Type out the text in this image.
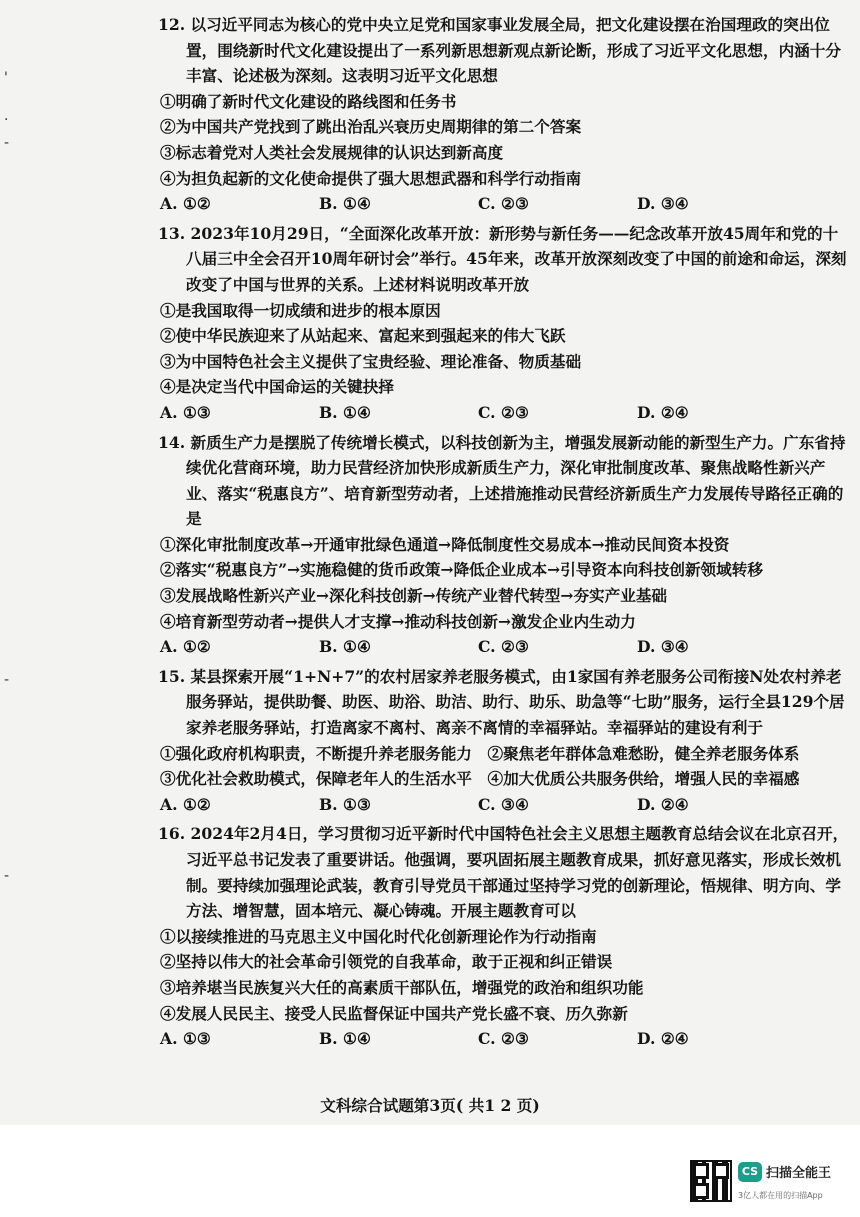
'
·
-
-
-

12. 以习近平同志为核心的党中央立足党和国家事业发展全局，把文化建设摆在治国理政的突出位置，围绕新时代文化建设提出了一系列新思想新观点新论断，形成了习近平文化思想，内涵十分丰富、论述极为深刻。这表明习近平文化思想

①明确了新时代文化建设的路线图和任务书

②为中国共产党找到了跳出治乱兴衰历史周期律的第二个答案

③标志着党对人类社会发展规律的认识达到新高度

④为担负起新的文化使命提供了强大思想武器和科学行动指南

A. ①②	B. ①④	C. ②③	D. ③④

13. 2023年10月29日，“全面深化改革开放：新形势与新任务——纪念改革开放45周年和党的十八届三中全会召开10周年研讨会”举行。45年来，改革开放深刻改变了中国的前途和命运，深刻改变了中国与世界的关系。上述材料说明改革开放

①是我国取得一切成绩和进步的根本原因

②使中华民族迎来了从站起来、富起来到强起来的伟大飞跃

③为中国特色社会主义提供了宝贵经验、理论准备、物质基础

④是决定当代中国命运的关键抉择

A. ①③	B. ①④	C. ②③	D. ②④

14. 新质生产力是摆脱了传统增长模式，以科技创新为主，增强发展新动能的新型生产力。广东省持续优化营商环境，助力民营经济加快形成新质生产力，深化审批制度改革、聚焦战略性新兴产业、落实“税惠良方”、培育新型劳动者，上述措施推动民营经济新质生产力发展传导路径正确的是

①深化审批制度改革→开通审批绿色通道→降低制度性交易成本→推动民间资本投资

②落实“税惠良方”→实施稳健的货币政策→降低企业成本→引导资本向科技创新领域转移

③发展战略性新兴产业→深化科技创新→传统产业替代转型→夯实产业基础

④培育新型劳动者→提供人才支撑→推动科技创新→激发企业内生动力

A. ①②	B. ①④	C. ②③	D. ③④

15. 某县探索开展“1+N+7”的农村居家养老服务模式，由1家国有养老服务公司衔接N处农村养老服务驿站，提供助餐、助医、助浴、助洁、助行、助乐、助急等“七助”服务，运行全县129个居家养老服务驿站，打造离家不离村、离亲不离情的幸福驿站。幸福驿站的建设有利于

①强化政府机构职责，不断提升养老服务能力　②聚焦老年群体急难愁盼，健全养老服务体系

③优化社会救助模式，保障老年人的生活水平　④加大优质公共服务供给，增强人民的幸福感

A. ①②	B. ①③	C. ③④	D. ②④

16. 2024年2月4日，学习贯彻习近平新时代中国特色社会主义思想主题教育总结会议在北京召开，习近平总书记发表了重要讲话。他强调，要巩固拓展主题教育成果，抓好意见落实，形成长效机制。要持续加强理论武装，教育引导党员干部通过坚持学习党的创新理论，悟规律、明方向、学方法、增智慧，固本培元、凝心铸魂。开展主题教育可以

①以接续推进的马克思主义中国化时代化创新理论作为行动指南

②坚持以伟大的社会革命引领党的自我革命，敢于正视和纠正错误

③培养堪当民族复兴大任的高素质干部队伍，增强党的政治和组织功能

④发展人民民主、接受人民监督保证中国共产党长盛不衰、历久弥新

A. ①③	B. ①④	C. ②③	D. ②④
文科综合试题第3页( 共1 2 页)
CS 扫描全能王
3亿人都在用的扫描App
